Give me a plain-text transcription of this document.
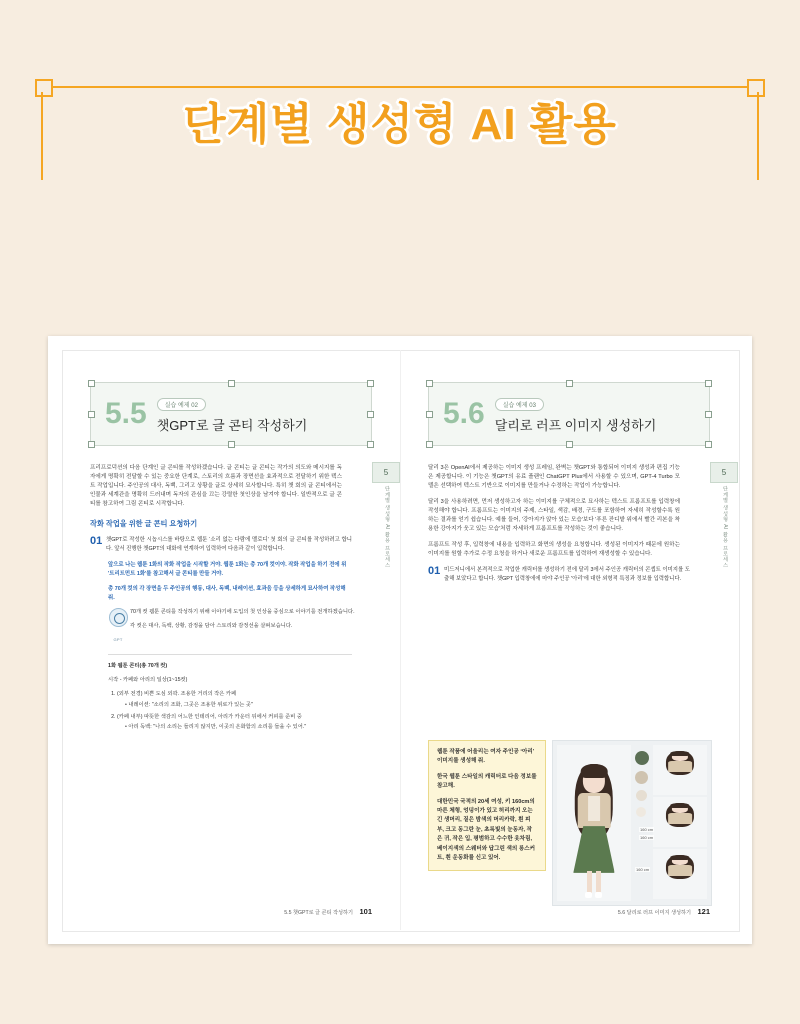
단계별 생성형 AI 활용
5.5	실습 예제 02
챗GPT로 글 콘티 작성하기
5
단계별 생성형 AI 활용 프로세스

프리프로덕션의 다음 단계인 글 콘티를 작성하겠습니다. 글 콘티는 글 콘티는 작가의 의도와 메시지를 독자에게 명확히 전달할 수 있는 중요한 단계로, 스토리의 흐름과 장면선을 효과적으로 전달하기 위한 텍스트 작업입니다. 주인공의 대사, 독백, 그리고 상황을 글로 상세히 묘사합니다. 특히 챗 회의 글 콘티에서는 인물과 세계관을 명확히 드러내며 독자의 관심을 끄는 강렬한 첫인상을 남겨야 합니다. 일반적으로 글 콘티를 참고하여 그림 콘티로 시작합니다.

작화 작업을 위한 글 콘티 요청하기
01 챗GPT로 작성한 시놉시스를 바탕으로 웹툰 ‘소리 없는 다람에 멜로디’ 첫 회의 글 콘티를 작성하려고 합니다. 앞서 진행한 챗GPT의 대화에 연계하여 입력하여 다음과 같이 입력합니다.

앞으로 나는 웹툰 1화의 작화 작업을 시작할 거야. 웹툰 1화는 총 70개 컷이야. 작화 작업을 하기 전에 위 '트리트먼트 1화'를 참고해서 글 콘티를 만들 거야.

총 70개 컷의 각 장면을 두 주인공의 행동, 대사, 독백, 내레이션, 효과음 등을 상세하게 묘사하여 작성해 줘.

GPT

70개 컷 웹툰 콘티를 작성하기 위해 이야기에 도입의 첫 인상을 중심으로 이야기를 전개하겠습니다.

각 컷은 대사, 독백, 상황, 감정을 담아 스토리와 감정선을 살펴보습니다.

1화 웹툰 콘티(총 70개 컷)

시작 - 카페와 아리의 일상(1~15컷)

1. (외부 전경) 비쁜 도심 외곽. 조용한 거리의 작은 카페
• 내레이션: "소리의 조화, 그곳은 조용한 위로가 있는 곳"
2. (카페 내부) 따뜻한 색감의 어느한 인테리어, 아리가 카운터 뒤에서 커피를 준비 중
• 아리 독백: "나의 소리는 들리지 않지만, 이곳의 온화함의 소리를 들을 수 있어."
5.5 챗GPT로 글 콘티 작성하기 101
5.6	실습 예제 03
달리로 러프 이미지 생성하기
5
단계별 생성형 AI 활용 프로세스

달리 3은 OpenAI에서 제공하는 이미지 생성 프레임, 완벽는 챗GPT와 통합되어 이미지 생성과 편집 기능은 제공합니다. 이 기능은 챗GPT의 유료 플랜인 ChatGPT Plus에서 사용할 수 있으며, GPT-4 Turbo 모델은 선택하여 텍스트 기반으로 이미지를 만들거나 수정하는 작업이 가능합니다.

달리 3을 사용하려면, 먼저 생성하고자 하는 이미지를 구체적으로 묘사하는 텍스트 프롬프트를 입력창에 작성해야 합니다. 프롬프트는 이미지의 주제, 스타일, 색감, 배경, 구도를 포함하여 자세히 작성할수록 원하는 결과를 얻기 쉽습니다. 예를 들어, '강아지가 앉아 있는 모습'보다 '푸른 잔디밭 위에서 빨간 리본을 착용한 강아지가 웃고 있는 모습'처럼 자세하게 프롬프트를 작성하는 것이 좋습니다.

프롬프트 작성 후, 입력창에 내용을 입력하고 화면의 생성을 요청합니다. 생성된 이미지가 때문에 원하는 이미지를 원할 추가로 수정 요청을 하거나 새로운 프롬프트를 입력하여 재생성할 수 있습니다.

01 미드저니에서 본격적으로 작업한 캐릭터를 생성하기 전에 달리 3에서 주인공 캐릭터의 콘셉트 이미지를 도출해 보았다고 합니다. 챗GPT 입력창에에 마야 주인공 '아리'에 대한 외형적 특징과 정보를 입력합니다.

웹툰 작품에 어울리는 여자 주인공 ‘아리’ 이미지를 생성해 줘.

한국 웹툰 스타일의 캐릭터로 다음 정보를 참고해.

대한민국 국적의 20세 여성, 키 160cm의 마른 체형, 엉덩이가 있고 허리까지 오는 긴 생머리, 짙은 밤색의 머리카락, 흰 피부, 크고 동그란 눈, 초록빛의 눈동자, 작은 귀, 작은 입, 평범하고 수수한 옷차림, 베이지색의 스웨터와 답그린 색의 롱스커트, 흰 운동화를 신고 있어.

160 cm
160 cm
160 cm
5.6 달리로 러프 이미지 생성하기 121
